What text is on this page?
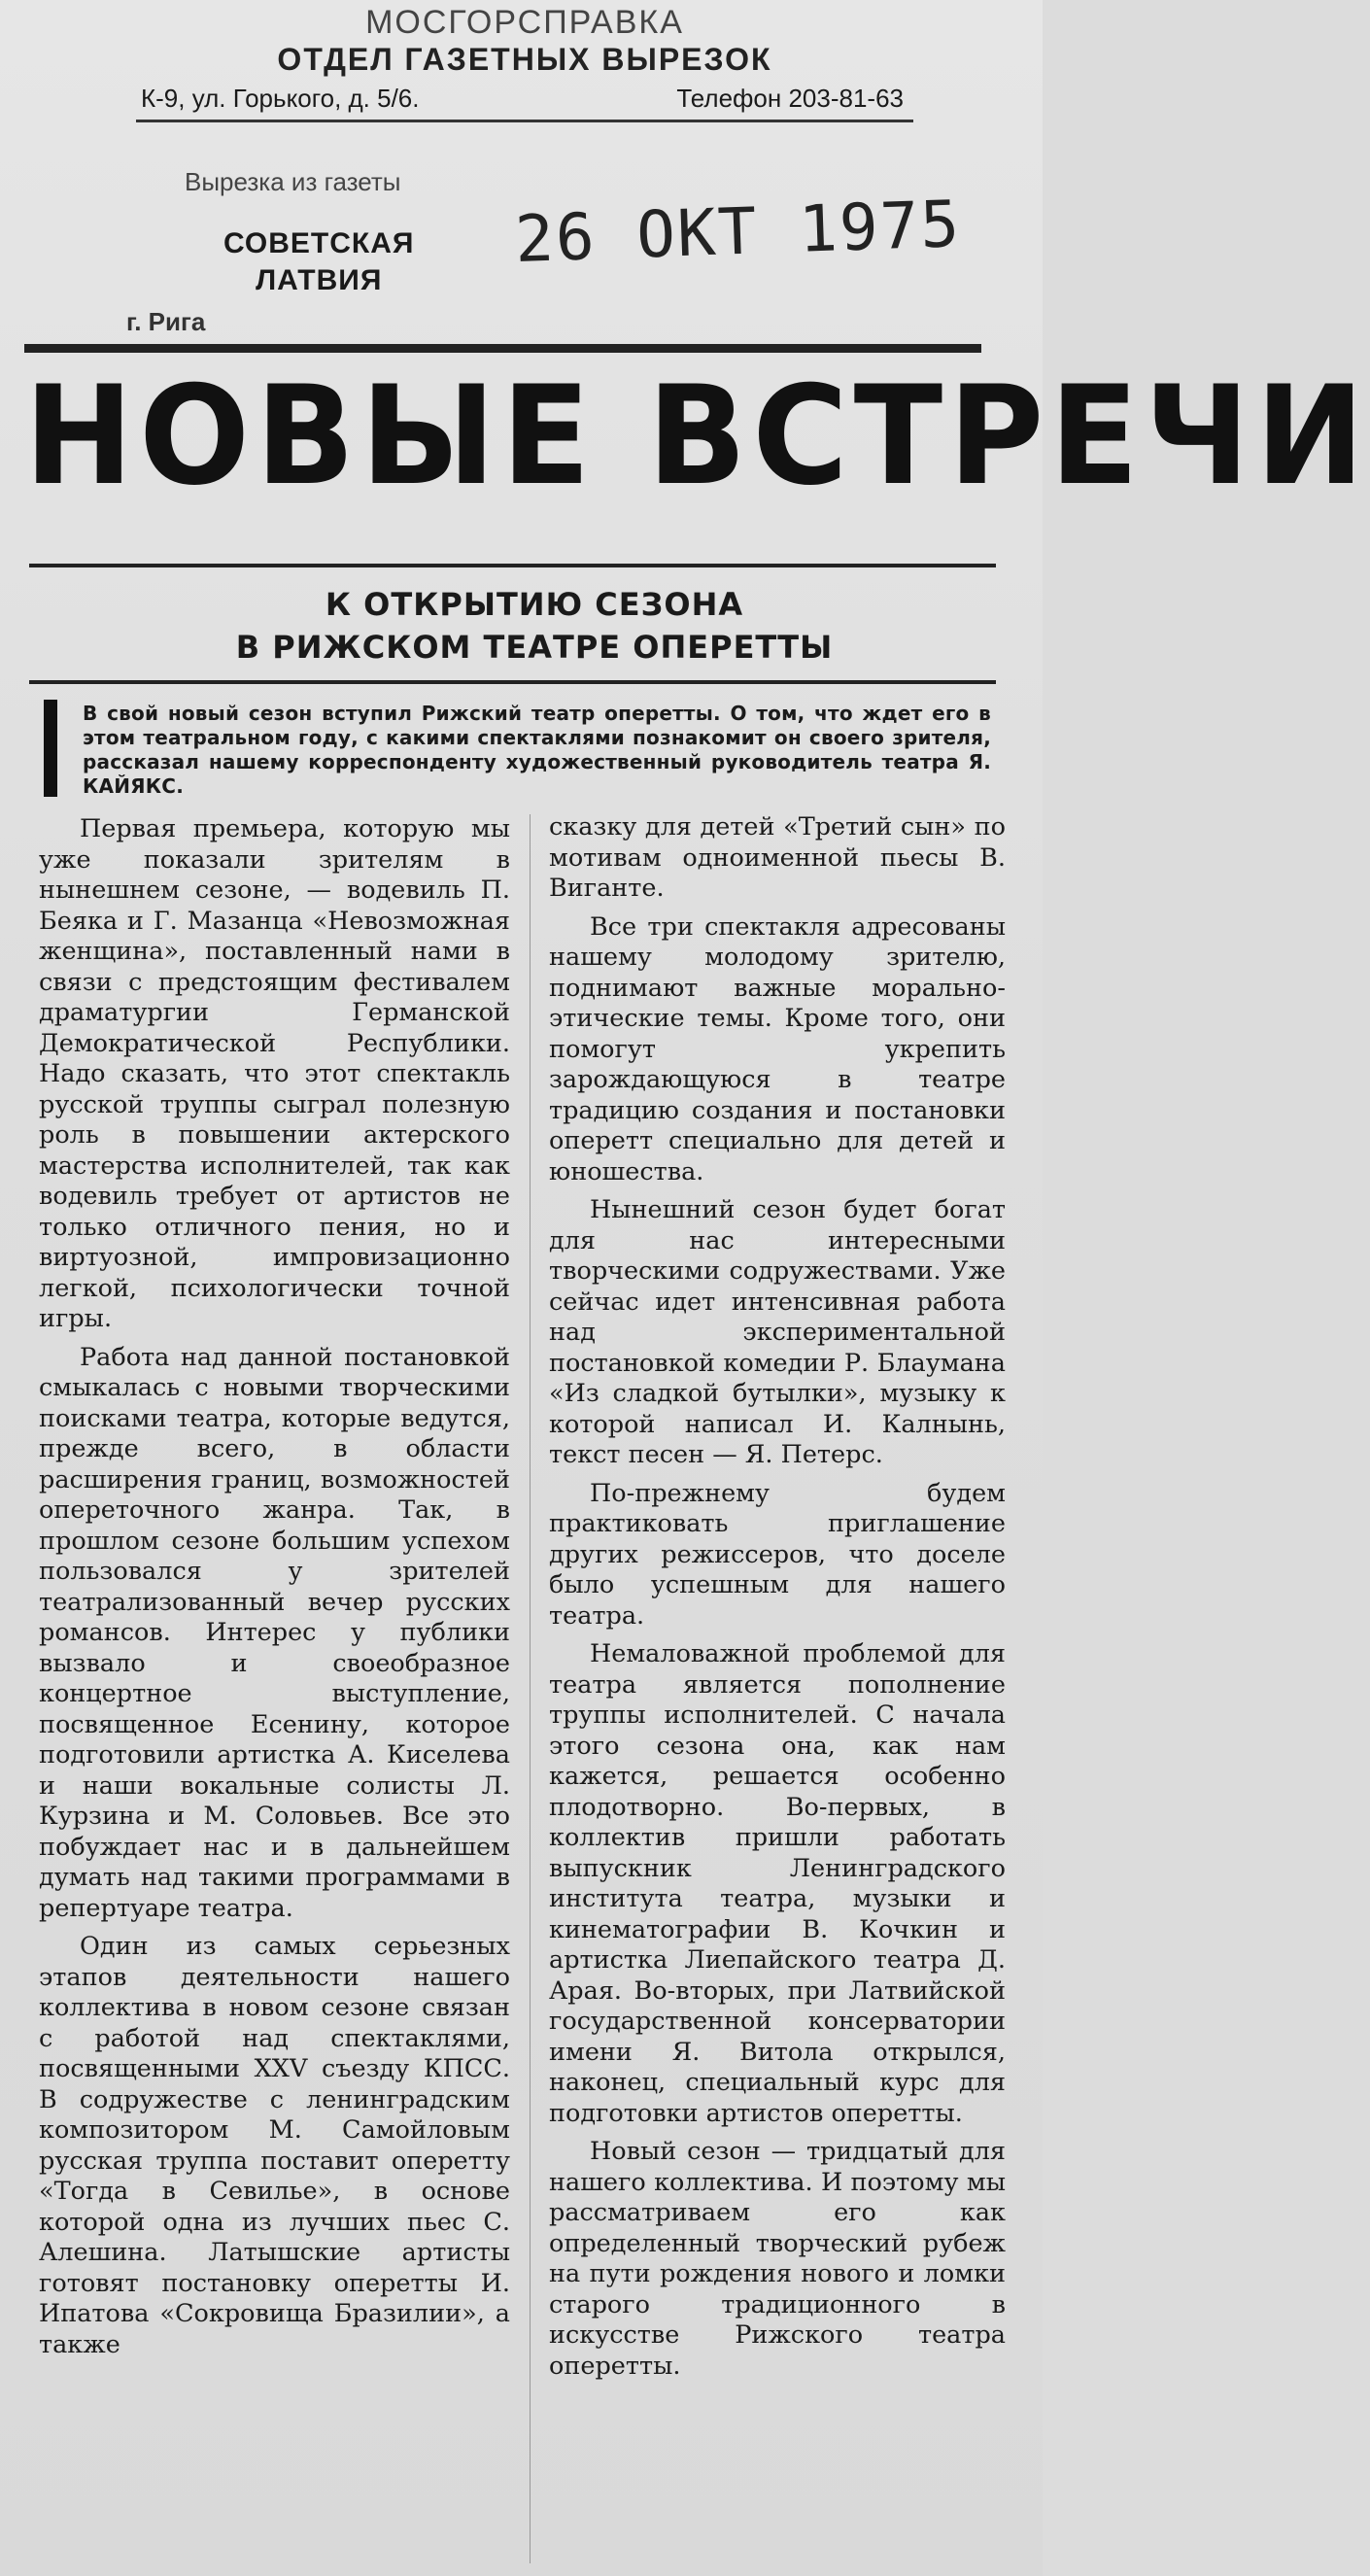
МОСГОРСПРАВКА
ОТДЕЛ ГАЗЕТНЫХ ВЫРЕЗОК
К-9, ул. Горького, д. 5/6.	Телефон 203-81-63
Вырезка из газеты
СОВЕТСКАЯ
ЛАТВИЯ
26 ОКТ 1975
г. Рига
НОВЫЕ ВСТРЕЧИ
К ОТКРЫТИЮ СЕЗОНА
В РИЖСКОМ ТЕАТРЕ ОПЕРЕТТЫ
В свой новый сезон вступил Рижский театр оперетты. О том, что ждет его в этом театральном году, с какими спектаклями познакомит он своего зрителя, рассказал нашему корреспонденту художественный руководитель театра Я. КАЙЯКС.

Первая премьера, которую мы уже показали зрителям в нынешнем сезоне, — водевиль П. Беяка и Г. Мазанца «Невозможная женщина», поставленный нами в связи с предстоящим фестивалем драматургии Германской Демократической Республики. Надо сказать, что этот спектакль русской труппы сыграл полезную роль в повышении актерского мастерства исполнителей, так как водевиль требует от артистов не только отличного пения, но и виртуозной, импровизационно легкой, психологически точной игры.

Работа над данной постановкой смыкалась с новыми творческими поисками театра, которые ведутся, прежде всего, в области расширения границ, возможностей опереточного жанра. Так, в прошлом сезоне большим успехом пользовался у зрителей театрализованный вечер русских романсов. Интерес у публики вызвало и своеобразное концертное выступление, посвященное Есенину, которое подготовили артистка А. Киселева и наши вокальные солисты Л. Курзина и М. Соловьев. Все это побуждает нас и в дальнейшем думать над такими программами в репертуаре театра.

Один из самых серьезных этапов деятельности нашего коллектива в новом сезоне связан с работой над спектаклями, посвященными XXV съезду КПСС. В содружестве с ленинградским композитором М. Самойловым русская труппа поставит оперетту «Тогда в Севилье», в основе которой одна из лучших пьес С. Алешина. Латышские артисты готовят постановку оперетты И. Ипатова «Сокровища Бразилии», а также

сказку для детей «Третий сын» по мотивам одноименной пьесы В. Виганте.

Все три спектакля адресованы нашему молодому зрителю, поднимают важные морально-этические темы. Кроме того, они помогут укрепить зарождающуюся в театре традицию создания и постановки оперетт специально для детей и юношества.

Нынешний сезон будет богат для нас интересными творческими содружествами. Уже сейчас идет интенсивная работа над экспериментальной постановкой комедии Р. Блаумана «Из сладкой бутылки», музыку к которой написал И. Калнынь, текст песен — Я. Петерс.

По-прежнему будем практиковать приглашение других режиссеров, что доселе было успешным для нашего театра.

Немаловажной проблемой для театра является пополнение труппы исполнителей. С начала этого сезона она, как нам кажется, решается особенно плодотворно. Во-первых, в коллектив пришли работать выпускник Ленинградского института театра, музыки и кинематографии В. Кочкин и артистка Лиепайского театра Д. Арая. Во-вторых, при Латвийской государственной консерватории имени Я. Витола открылся, наконец, специальный курс для подготовки артистов оперетты.

Новый сезон — тридцатый для нашего коллектива. И поэтому мы рассматриваем его как определенный творческий рубеж на пути рождения нового и ломки старого традиционного в искусстве Рижского театра оперетты.
